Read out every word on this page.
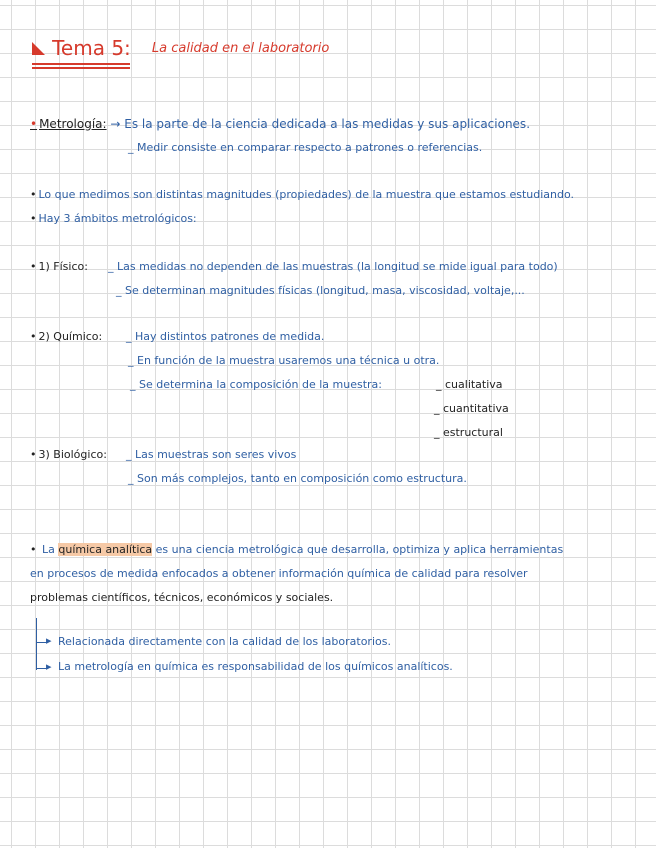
Tema 5: La calidad en el laboratorio
• Metrología: → Es la parte de la ciencia dedicada a las medidas y sus aplicaciones.
_ Medir consiste en comparar respecto a patrones o referencias.
• Lo que medimos son distintas magnitudes (propiedades) de la muestra que estamos estudiando.
• Hay 3 ámbitos metrológicos:
• 1) Físico: _ Las medidas no dependen de las muestras (la longitud se mide igual para todo)
_ Se determinan magnitudes físicas (longitud, masa, viscosidad, voltaje,...
• 2) Químico: _ Hay distintos patrones de medida.
_ En función de la muestra usaremos una técnica u otra.
_ Se determina la composición de la muestra:	_ cualitativa
_ cuantitativa
_ estructural
• 3) Biológico: _ Las muestras son seres vivos
_ Son más complejos, tanto en composición como estructura.
• La química analítica es una ciencia metrológica que desarrolla, optimiza y aplica herramientas
en procesos de medida enfocados a obtener información química de calidad para resolver
problemas científicos, técnicos, económicos y sociales.
▸
▸
Relacionada directamente con la calidad de los laboratorios.
La metrología en química es responsabilidad de los químicos analíticos.
